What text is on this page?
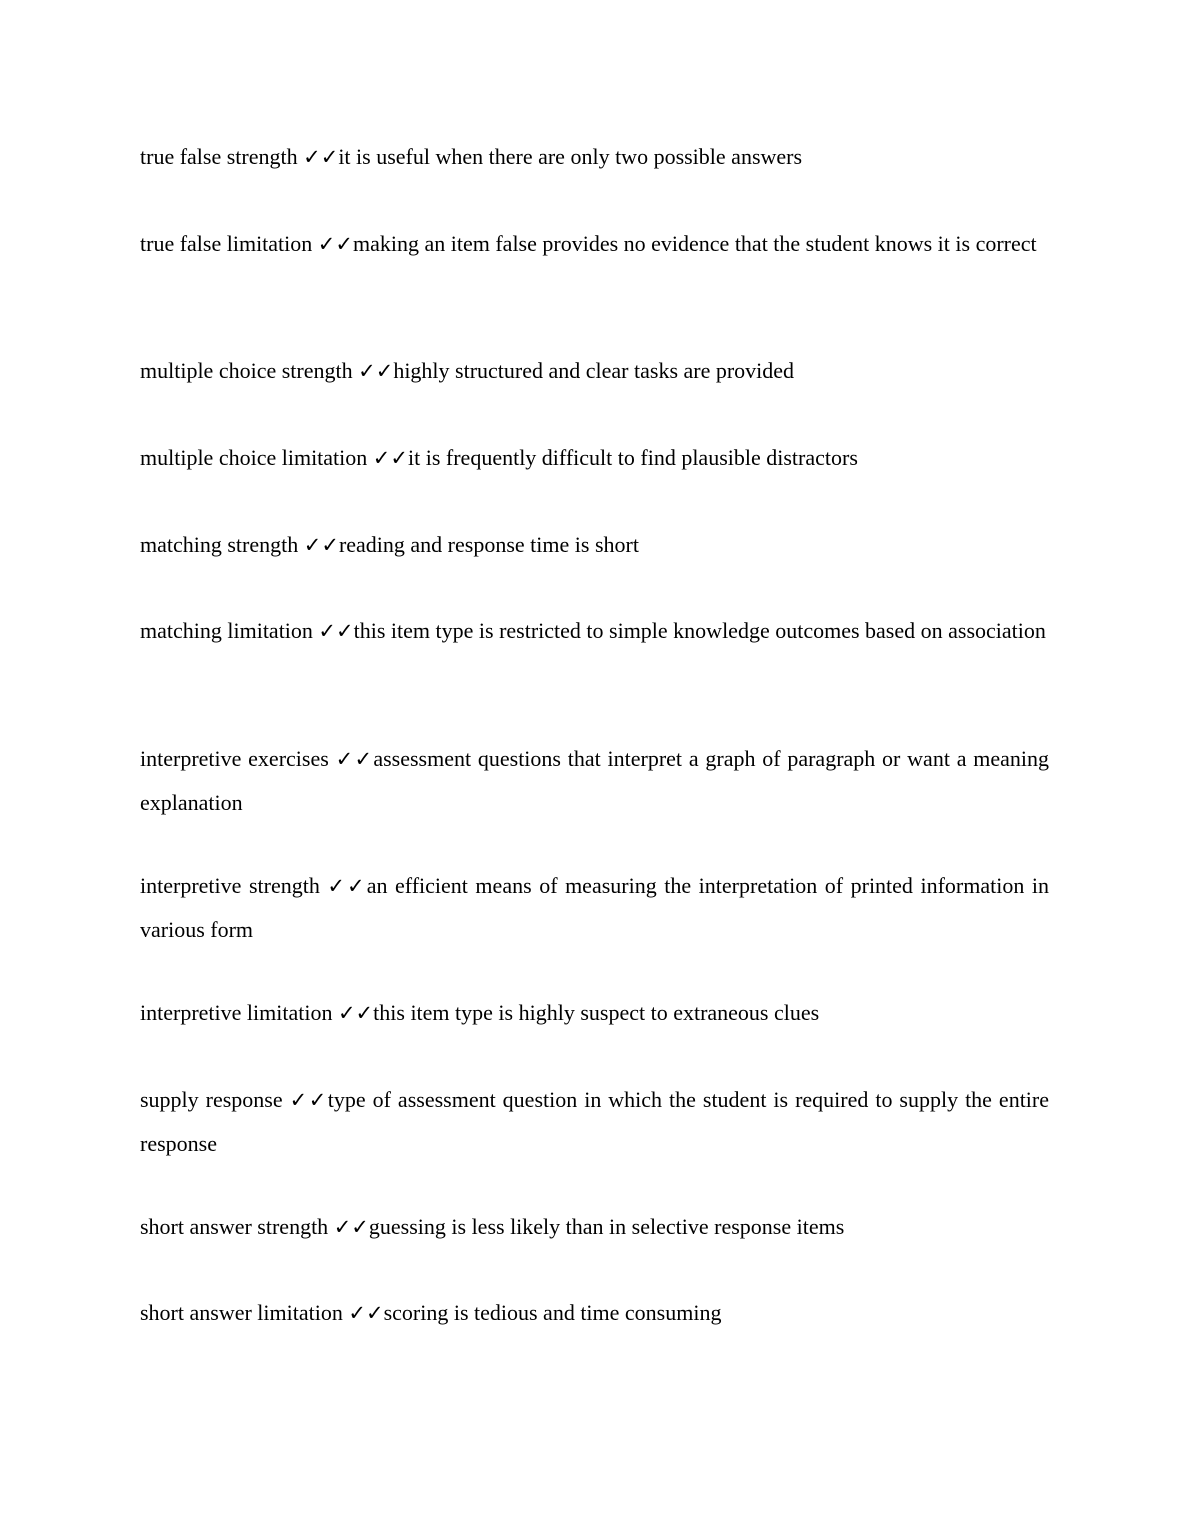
true false strength ✓✓it is useful when there are only two possible answers

true false limitation ✓✓making an item false provides no evidence that the student knows it is correct

multiple choice strength ✓✓highly structured and clear tasks are provided

multiple choice limitation ✓✓it is frequently difficult to find plausible distractors

matching strength ✓✓reading and response time is short

matching limitation ✓✓this item type is restricted to simple knowledge outcomes based on association

interpretive exercises ✓✓assessment questions that interpret a graph of paragraph or want a meaning explanation

interpretive strength ✓✓an efficient means of measuring the interpretation of printed information in various form

interpretive limitation ✓✓this item type is highly suspect to extraneous clues

supply response ✓✓type of assessment question in which the student is required to supply the entire response

short answer strength ✓✓guessing is less likely than in selective response items

short answer limitation ✓✓scoring is tedious and time consuming
